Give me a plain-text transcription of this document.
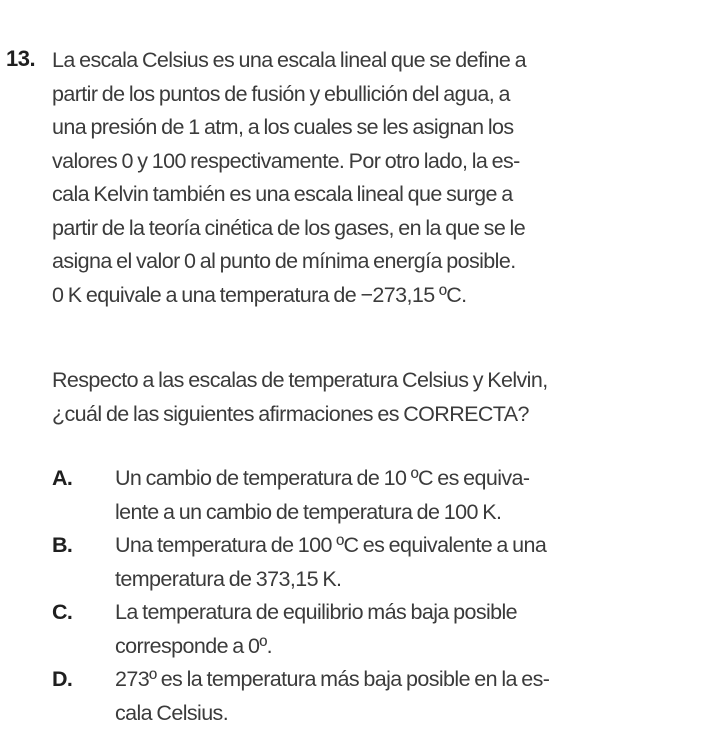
13. La escala Celsius es una escala lineal que se define a
partir de los puntos de fusión y ebullición del agua, a
una presión de 1 atm, a los cuales se les asignan los
valores 0 y 100 respectivamente. Por otro lado, la es-
cala Kelvin también es una escala lineal que surge a
partir de la teoría cinética de los gases, en la que se le
asigna el valor 0 al punto de mínima energía posible.
0 K equivale a una temperatura de −273,15 ºC.
Respecto a las escalas de temperatura Celsius y Kelvin,
¿cuál de las siguientes afirmaciones es CORRECTA?
A. Un cambio de temperatura de 10 ºC es equiva-
lente a un cambio de temperatura de 100 K.
B. Una temperatura de 100 ºC es equivalente a una
temperatura de 373,15 K.
C. La temperatura de equilibrio más baja posible
corresponde a 0º.
D. 273º es la temperatura más baja posible en la es-
cala Celsius.
